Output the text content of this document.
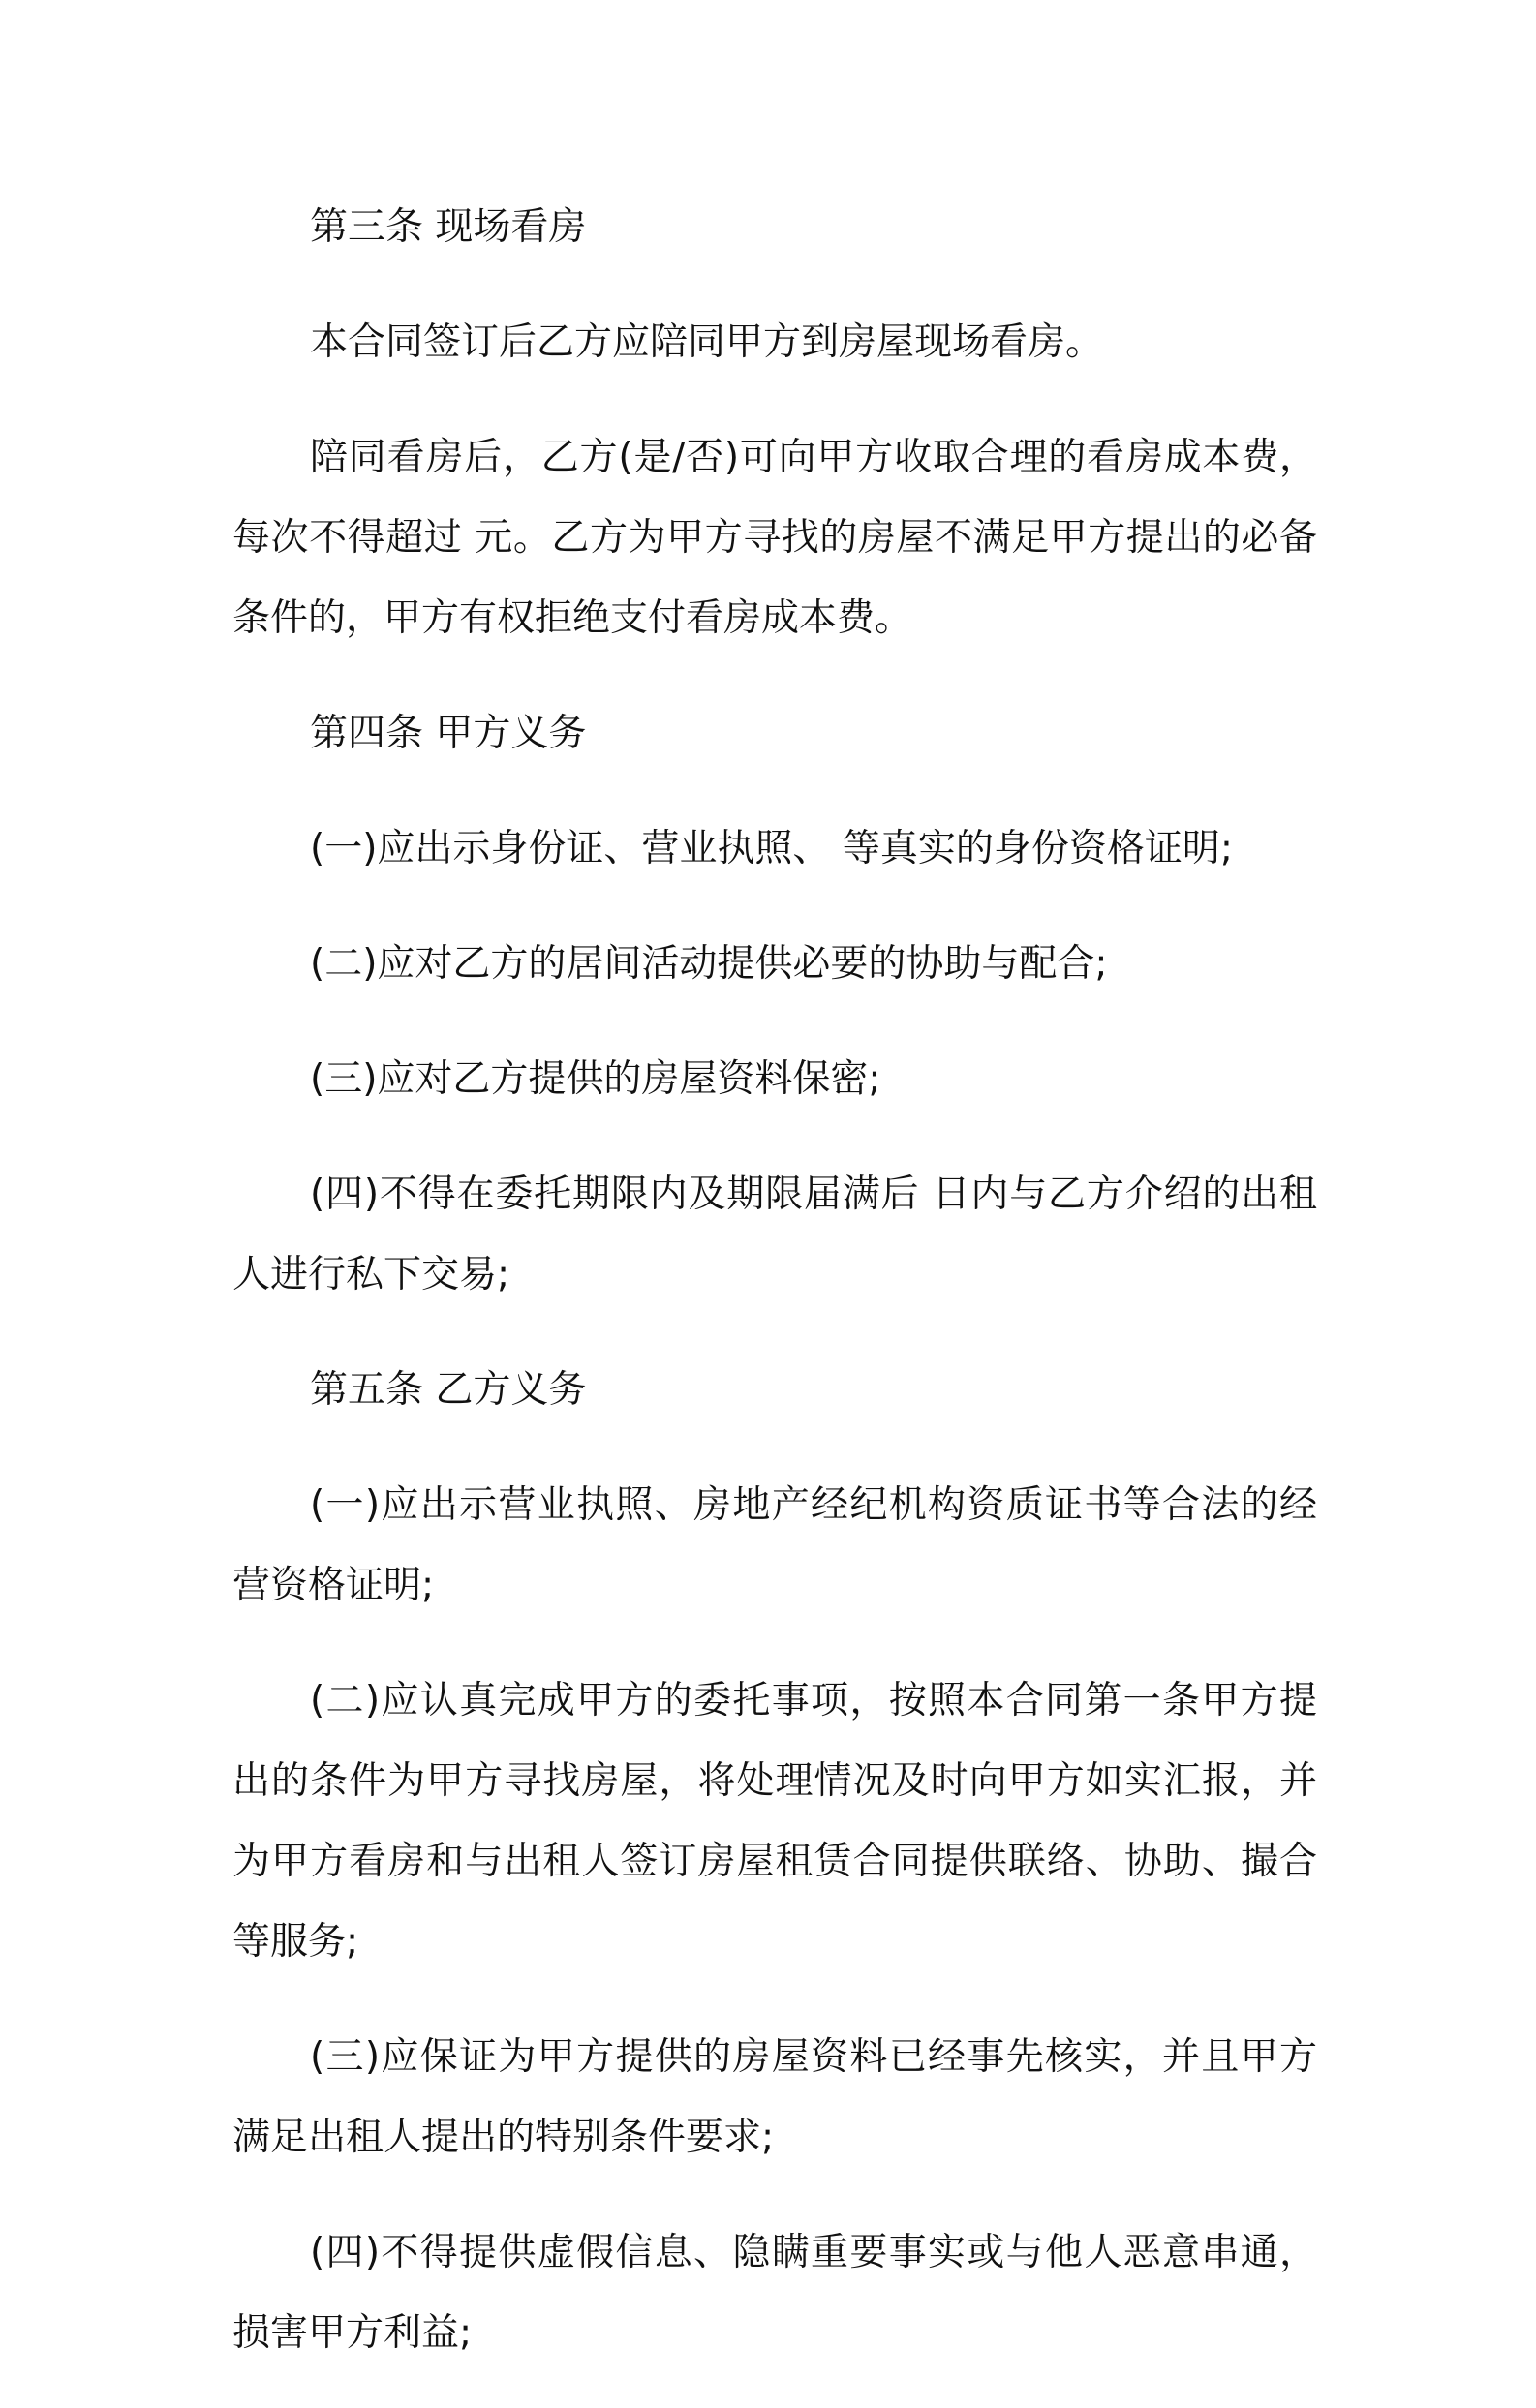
第三条 现场看房

本合同签订后乙方应陪同甲方到房屋现场看房。

陪同看房后，乙方(是/否)可向甲方收取合理的看房成本费，每次不得超过 元。乙方为甲方寻找的房屋不满足甲方提出的必备条件的，甲方有权拒绝支付看房成本费。

第四条 甲方义务

(一)应出示身份证、营业执照、 等真实的身份资格证明;

(二)应对乙方的居间活动提供必要的协助与配合;

(三)应对乙方提供的房屋资料保密;

(四)不得在委托期限内及期限届满后 日内与乙方介绍的出租人进行私下交易;

第五条 乙方义务

(一)应出示营业执照、房地产经纪机构资质证书等合法的经营资格证明;

(二)应认真完成甲方的委托事项，按照本合同第一条甲方提出的条件为甲方寻找房屋，将处理情况及时向甲方如实汇报，并为甲方看房和与出租人签订房屋租赁合同提供联络、协助、撮合等服务;

(三)应保证为甲方提供的房屋资料已经事先核实，并且甲方满足出租人提出的特别条件要求;

(四)不得提供虚假信息、隐瞒重要事实或与他人恶意串通，损害甲方利益;
